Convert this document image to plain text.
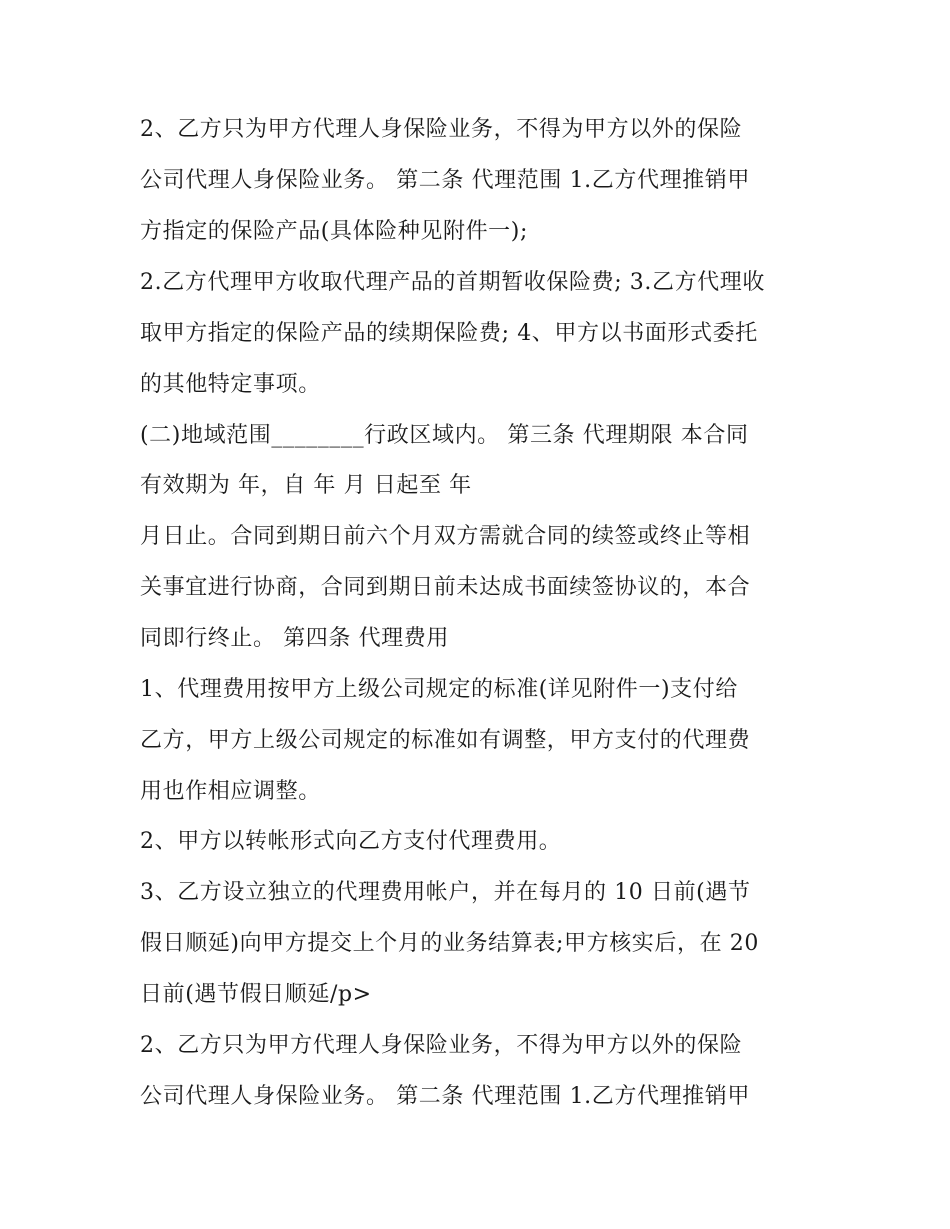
2、乙方只为甲方代理人身保险业务，不得为甲方以外的保险
公司代理人身保险业务。 第二条 代理范围 1.乙方代理推销甲
方指定的保险产品(具体险种见附件一);
2.乙方代理甲方收取代理产品的首期暂收保险费; 3.乙方代理收
取甲方指定的保险产品的续期保险费; 4、甲方以书面形式委托
的其他特定事项。
(二)地域范围________行政区域内。 第三条 代理期限 本合同
有效期为 年，自 年 月 日起至 年
月日止。合同到期日前六个月双方需就合同的续签或终止等相
关事宜进行协商，合同到期日前未达成书面续签协议的，本合
同即行终止。 第四条 代理费用
1、代理费用按甲方上级公司规定的标准(详见附件一)支付给
乙方，甲方上级公司规定的标准如有调整，甲方支付的代理费
用也作相应调整。
2、甲方以转帐形式向乙方支付代理费用。
3、乙方设立独立的代理费用帐户，并在每月的 10 日前(遇节
假日顺延)向甲方提交上个月的业务结算表;甲方核实后，在 20
日前(遇节假日顺延/p>
2、乙方只为甲方代理人身保险业务，不得为甲方以外的保险
公司代理人身保险业务。 第二条 代理范围 1.乙方代理推销甲
